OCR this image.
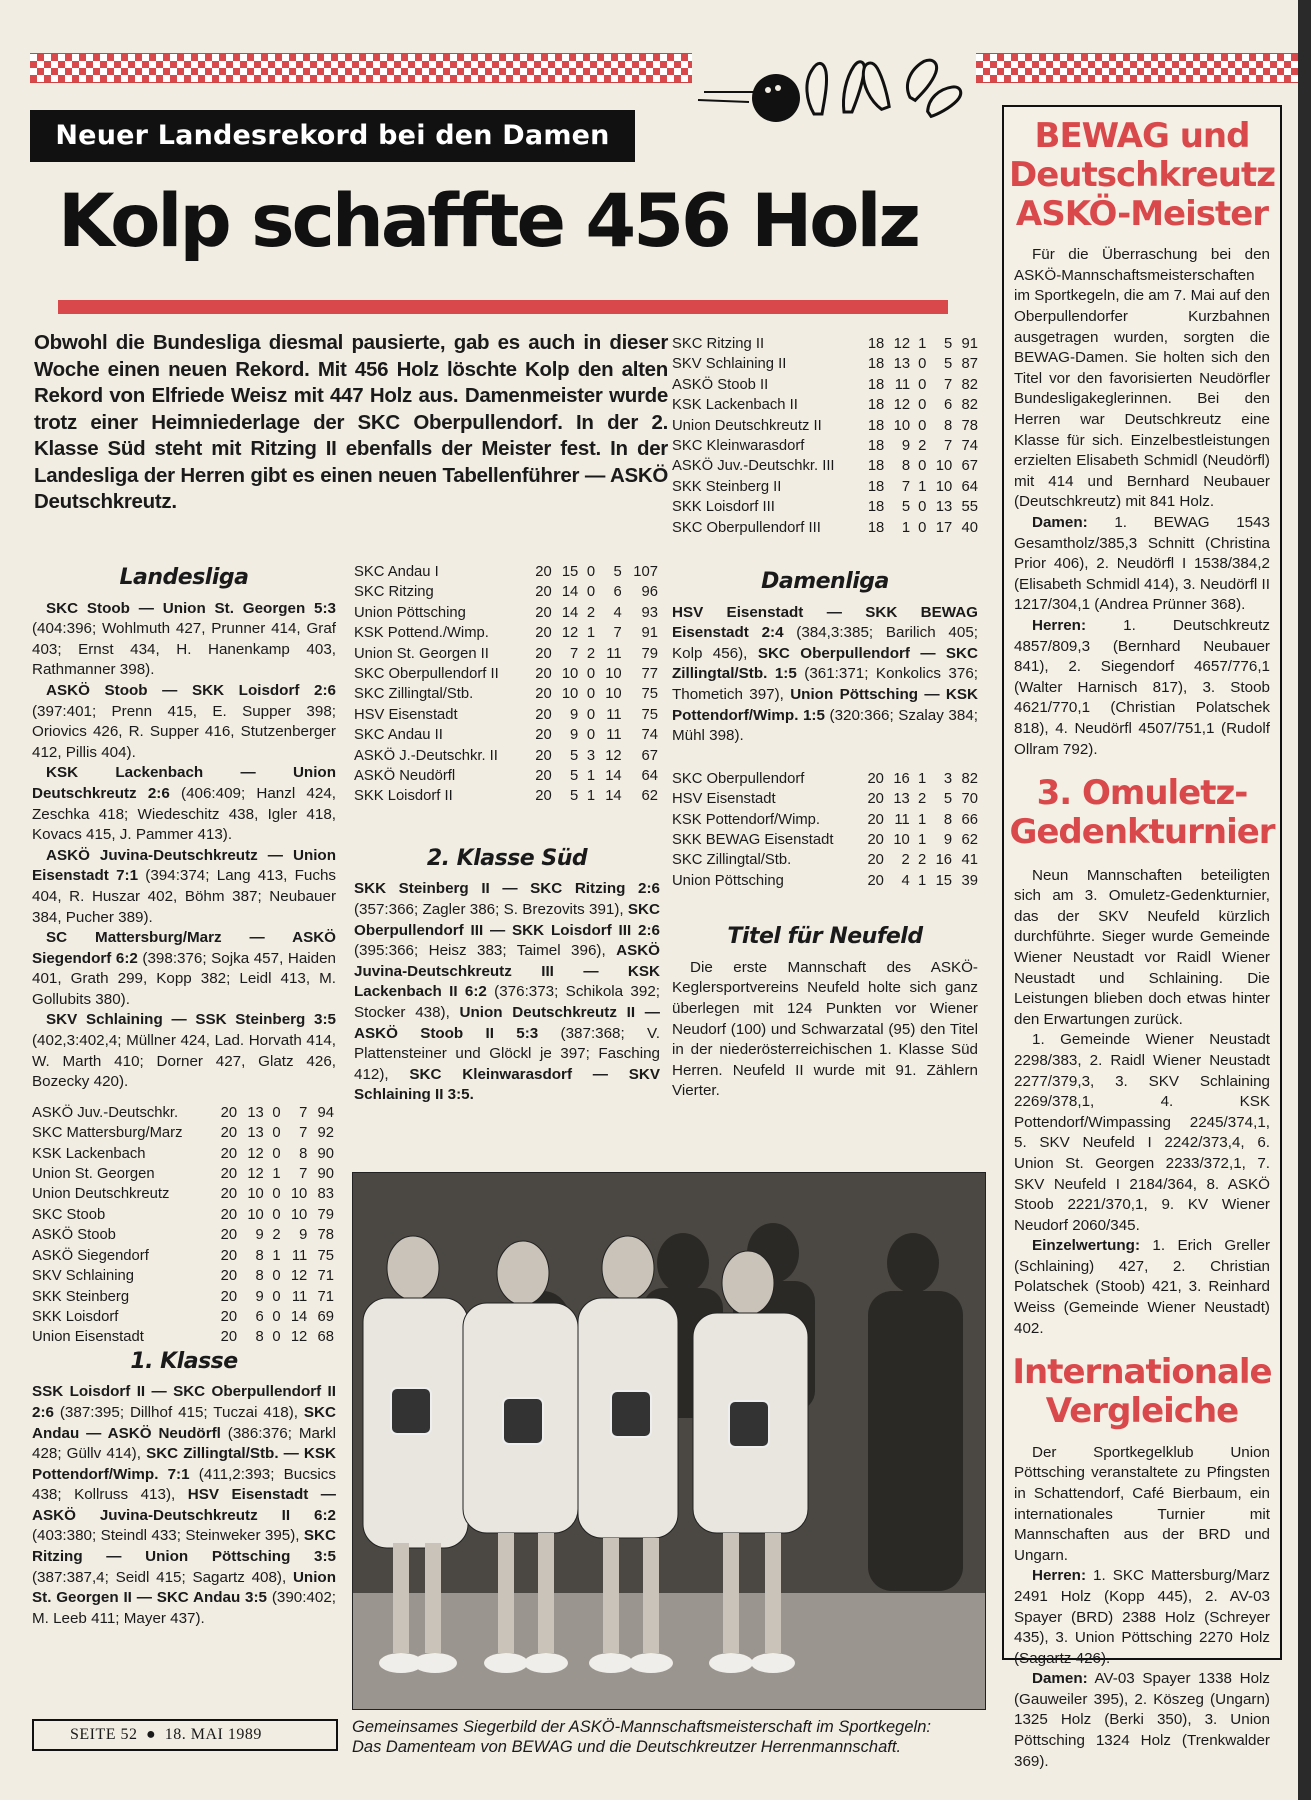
Neuer Landesrekord bei den Damen
Kolp schaffte 456 Holz
Obwohl die Bundesliga diesmal pausierte, gab es auch in dieser Woche einen neuen Rekord. Mit 456 Holz löschte Kolp den alten Rekord von Elfriede Weisz mit 447 Holz aus. Damenmeister wurde trotz einer Heimniederlage der SKC Oberpullendorf. In der 2. Klasse Süd steht mit Ritzing II ebenfalls der Meister fest. In der Landesliga der Herren gibt es einen neuen Tabellenführer — ASKÖ Deutschkreutz.
Landesliga

SKC Stoob — Union St. Georgen 5:3 (404:396; Wohlmuth 427, Prunner 414, Graf 403; Ernst 434, H. Hanenkamp 403, Rathmanner 398).

ASKÖ Stoob — SKK Loisdorf 2:6 (397:401; Prenn 415, E. Supper 398; Oriovics 426, R. Supper 416, Stutzenberger 412, Pillis 404).

KSK Lackenbach — Union Deutschkreutz 2:6 (406:409; Hanzl 424, Zeschka 418; Wiedeschitz 438, Igler 418, Kovacs 415, J. Pammer 413).

ASKÖ Juvina-Deutschkreutz — Union Eisenstadt 7:1 (394:374; Lang 413, Fuchs 404, R. Huszar 402, Böhm 387; Neubauer 384, Pucher 389).

SC Mattersburg/Marz — ASKÖ Siegendorf 6:2 (398:376; Sojka 457, Haiden 401, Grath 299, Kopp 382; Leidl 413, M. Gollubits 380).

SKV Schlaining — SSK Steinberg 3:5 (402,3:402,4; Müllner 424, Lad. Horvath 414, W. Marth 410; Dorner 427, Glatz 426, Bozecky 420).

ASKÖ Juv.-Deutschkr.	20	13	0	7	94
SKC Mattersburg/Marz	20	13	0	7	92
KSK Lackenbach	20	12	0	8	90
Union St. Georgen	20	12	1	7	90
Union Deutschkreutz	20	10	0	10	83
SKC Stoob	20	10	0	10	79
ASKÖ Stoob	20	9	2	9	78
ASKÖ Siegendorf	20	8	1	11	75
SKV Schlaining	20	8	0	12	71
SKK Steinberg	20	9	0	11	71
SKK Loisdorf	20	6	0	14	69
Union Eisenstadt	20	8	0	12	68
1. Klasse

SSK Loisdorf II — SKC Oberpullendorf II 2:6 (387:395; Dillhof 415; Tuczai 418), SKC Andau — ASKÖ Neudörfl (386:376; Markl 428; Güllv 414), SKC Zillingtal/Stb. — KSK Pottendorf/Wimp. 7:1 (411,2:393; Bucsics 438; Kollruss 413), HSV Eisenstadt — ASKÖ Juvina-Deutschkreutz II 6:2 (403:380; Steindl 433; Steinweker 395), SKC Ritzing — Union Pöttsching 3:5 (387:387,4; Seidl 415; Sagartz 408), Union St. Georgen II — SKC Andau 3:5 (390:402; M. Leeb 411; Mayer 437).

SKC Andau I	20	15	0	5	107
SKC Ritzing	20	14	0	6	96
Union Pöttsching	20	14	2	4	93
KSK Pottend./Wimp.	20	12	1	7	91
Union St. Georgen II	20	7	2	11	79
SKC Oberpullendorf II	20	10	0	10	77
SKC Zillingtal/Stb.	20	10	0	10	75
HSV Eisenstadt	20	9	0	11	75
SKC Andau II	20	9	0	11	74
ASKÖ J.-Deutschkr. II	20	5	3	12	67
ASKÖ Neudörfl	20	5	1	14	64
SKK Loisdorf II	20	5	1	14	62
2. Klasse Süd

SKK Steinberg II — SKC Ritzing 2:6 (357:366; Zagler 386; S. Brezovits 391), SKC Oberpullendorf III — SKK Loisdorf III 2:6 (395:366; Heisz 383; Taimel 396), ASKÖ Juvina-Deutschkreutz III — KSK Lackenbach II 6:2 (376:373; Schikola 392; Stocker 438), Union Deutschkreutz II — ASKÖ Stoob II 5:3 (387:368; V. Plattensteiner und Glöckl je 397; Fasching 412), SKC Kleinwarasdorf — SKV Schlaining II 3:5.

SKC Ritzing II	18	12	1	5	91
SKV Schlaining II	18	13	0	5	87
ASKÖ Stoob II	18	11	0	7	82
KSK Lackenbach II	18	12	0	6	82
Union Deutschkreutz II	18	10	0	8	78
SKC Kleinwarasdorf	18	9	2	7	74
ASKÖ Juv.-Deutschkr. III	18	8	0	10	67
SKK Steinberg II	18	7	1	10	64
SKK Loisdorf III	18	5	0	13	55
SKC Oberpullendorf III	18	1	0	17	40
Damenliga

HSV Eisenstadt — SKK BEWAG Eisenstadt 2:4 (384,3:385; Barilich 405; Kolp 456), SKC Oberpullendorf — SKC Zillingtal/Stb. 1:5 (361:371; Konkolics 376; Thometich 397), Union Pöttsching — KSK Pottendorf/Wimp. 1:5 (320:366; Szalay 384; Mühl 398).

SKC Oberpullendorf	20	16	1	3	82
HSV Eisenstadt	20	13	2	5	70
KSK Pottendorf/Wimp.	20	11	1	8	66
SKK BEWAG Eisenstadt	20	10	1	9	62
SKC Zillingtal/Stb.	20	2	2	16	41
Union Pöttsching	20	4	1	15	39
Titel für Neufeld

Die erste Mannschaft des ASKÖ-Keglersportvereins Neufeld holte sich ganz überlegen mit 124 Punkten vor Wiener Neudorf (100) und Schwarzatal (95) den Titel in der niederösterreichischen 1. Klasse Süd Herren. Neufeld II wurde mit 91. Zählern Vierter.

BEWAG und
Deutschkreutz
ASKÖ-Meister

Für die Überraschung bei den ASKÖ-Mannschaftsmeisterschaften im Sportkegeln, die am 7. Mai auf den Oberpullendorfer Kurzbahnen ausgetragen wurden, sorgten die BEWAG-Damen. Sie holten sich den Titel vor den favorisierten Neudörfler Bundesligakeglerinnen. Bei den Herren war Deutschkreutz eine Klasse für sich. Einzelbestleistungen erzielten Elisabeth Schmidl (Neudörfl) mit 414 und Bernhard Neubauer (Deutschkreutz) mit 841 Holz.

Damen: 1. BEWAG 1543 Gesamtholz/385,3 Schnitt (Christina Prior 406), 2. Neudörfl I 1538/384,2 (Elisabeth Schmidl 414), 3. Neudörfl II 1217/304,1 (Andrea Prünner 368).

Herren: 1. Deutschkreutz 4857/809,3 (Bernhard Neubauer 841), 2. Siegendorf 4657/776,1 (Walter Harnisch 817), 3. Stoob 4621/770,1 (Christian Polatschek 818), 4. Neudörfl 4507/751,1 (Rudolf Ollram 792).

3. Omuletz-
Gedenkturnier

Neun Mannschaften beteiligten sich am 3. Omuletz-Gedenkturnier, das der SKV Neufeld kürzlich durchführte. Sieger wurde Gemeinde Wiener Neustadt vor Raidl Wiener Neustadt und Schlaining. Die Leistungen blieben doch etwas hinter den Erwartungen zurück.

1. Gemeinde Wiener Neustadt 2298/383, 2. Raidl Wiener Neustadt 2277/379,3, 3. SKV Schlaining 2269/378,1, 4. KSK Pottendorf/Wimpassing 2245/374,1, 5. SKV Neufeld I 2242/373,4, 6. Union St. Georgen 2233/372,1, 7. SKV Neufeld I 2184/364, 8. ASKÖ Stoob 2221/370,1, 9. KV Wiener Neudorf 2060/345.

Einzelwertung: 1. Erich Greller (Schlaining) 427, 2. Christian Polatschek (Stoob) 421, 3. Reinhard Weiss (Gemeinde Wiener Neustadt) 402.

Internationale
Vergleiche

Der Sportkegelklub Union Pöttsching veranstaltete zu Pfingsten in Schattendorf, Café Bierbaum, ein internationales Turnier mit Mannschaften aus der BRD und Ungarn.

Herren: 1. SKC Mattersburg/Marz 2491 Holz (Kopp 445), 2. AV-03 Spayer (BRD) 2388 Holz (Schreyer 435), 3. Union Pöttsching 2270 Holz (Sagartz 426).

Damen: AV-03 Spayer 1338 Holz (Gauweiler 395), 2. Köszeg (Ungarn) 1325 Holz (Berki 350), 3. Union Pöttsching 1324 Holz (Trenkwalder 369).

Gemeinsames Siegerbild der ASKÖ-Mannschaftsmeisterschaft im Sportkegeln:
Das Damenteam von BEWAG und die Deutschkreutzer Herrenmannschaft.
SEITE 52 ● 18. MAI 1989
